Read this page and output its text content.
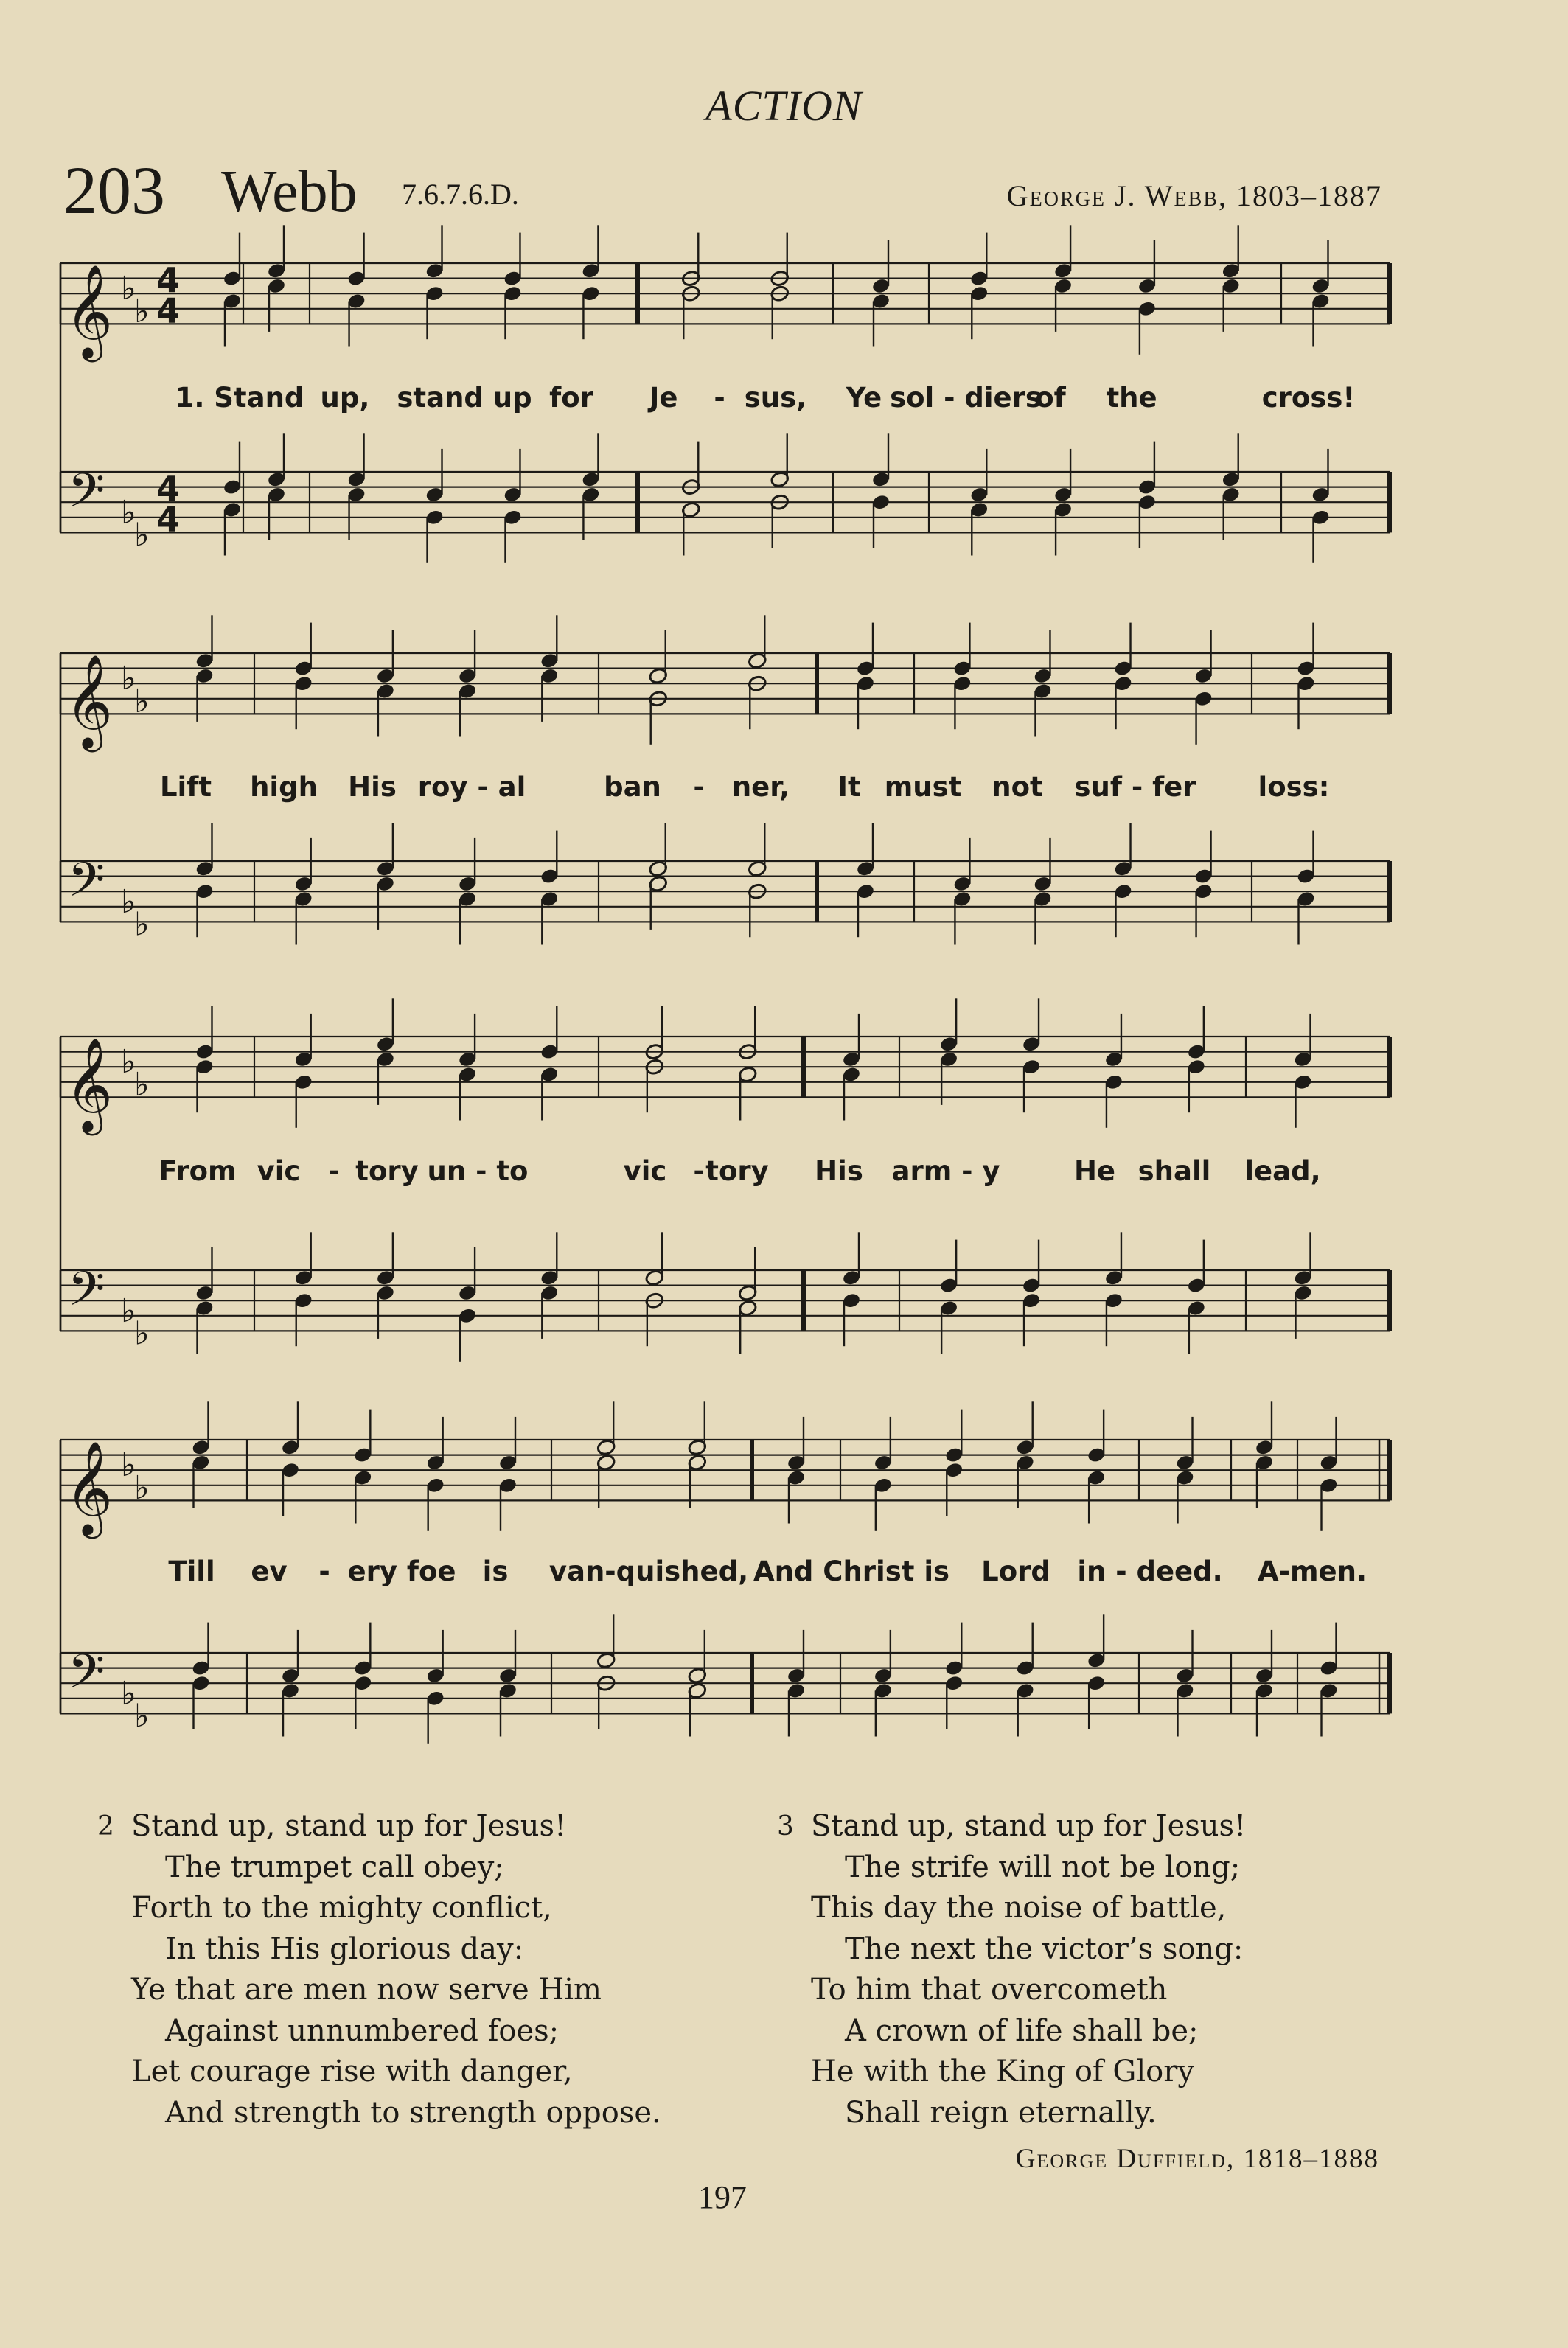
ACTION
203 Webb 7.6.7.6.D.	George J. Webb, 1803–1887
𝄞 ♭
♭
4
4
𝄢 ♭
♭
4
4
𝄞 ♭
♭
𝄢 ♭
♭
𝄞 ♭
♭
𝄢 ♭
♭
𝄞 ♭
♭
𝄢 ♭
♭
1. Stand up, stand up for Je - sus, Ye sol - diers
of the	cross!
Lift high His roy - al	ban - ner, It must not suf - fer loss:
From vic - tory un - to	vic - tory His arm - y	He shall lead,
Till ev - ery foe is van-quished, And Christ is Lord in - deed. A-men.
2 Stand up, stand up for Jesus!
The trumpet call obey;
Forth to the mighty conflict,
In this His glorious day:
Ye that are men now serve Him
Against unnumbered foes;
Let courage rise with danger,
And strength to strength oppose.
3 Stand up, stand up for Jesus!
The strife will not be long;
This day the noise of battle,
The next the victor’s song:
To him that overcometh
A crown of life shall be;
He with the King of Glory
Shall reign eternally.
George Duffield, 1818–1888
197
